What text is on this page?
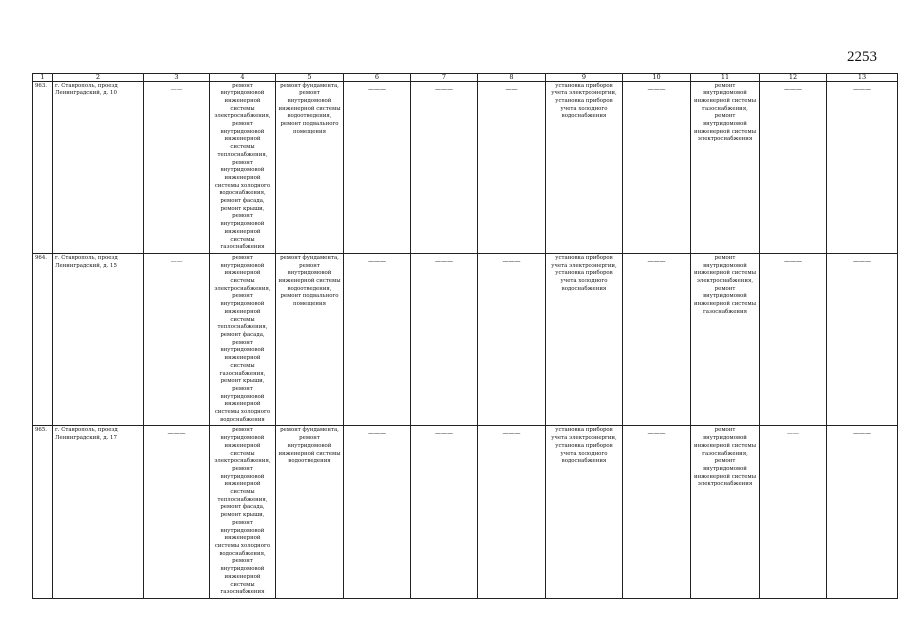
2253
1	2	3	4	5	6	7	8	9	10	11	12	13
963.	г. Ставрополь, проезд Ленинградский, д. 10	——	ремонт внутридомовой инженерной системы электроснабжения, ремонт внутридомовой инженерной системы теплоснабжения, ремонт внутридомовой инженерной системы холодного водоснабжения, ремонт фасада, ремонт крыши, ремонт внутридомовой инженерной системы газоснабжения	ремонт фундамента, ремонт внутридомовой инженерной системы водоотведения, ремонт подвального помещения	———	———	——	установка приборов учета электроэнергии, установка приборов учета холодного водоснабжения	———	ремонт внутридомовой инженерной системы газоснабжения, ремонт внутридомовой инженерной системы электроснабжения	———	———

964.	г. Ставрополь, проезд Ленинградский, д. 15	——	ремонт внутридомовой инженерной системы электроснабжения, ремонт внутридомовой инженерной системы теплоснабжения, ремонт фасада, ремонт внутридомовой инженерной системы газоснабжения, ремонт крыши, ремонт внутридомовой инженерной системы холодного водоснабжения	ремонт фундамента, ремонт внутридомовой инженерной системы водоотведения, ремонт подвального помещения	———	———	———	установка приборов учета электроэнергии, установка приборов учета холодного водоснабжения	———	ремонт внутридомовой инженерной системы электроснабжения, ремонт внутридомовой инженерной системы газоснабжения	———	———

965.	г. Ставрополь, проезд Ленинградский, д. 17	———	ремонт внутридомовой инженерной системы электроснабжения, ремонт внутридомовой инженерной системы теплоснабжения, ремонт фасада, ремонт крыши, ремонт внутридомовой инженерной системы холодного водоснабжения, ремонт внутридомовой инженерной системы газоснабжения	ремонт фундамента, ремонт внутридомовой инженерной системы водоотведения	———	———	———	установка приборов учета электроэнергии, установка приборов учета холодного водоснабжения	———	ремонт внутридомовой инженерной системы газоснабжения, ремонт внутридомовой инженерной системы электроснабжения	——	———
